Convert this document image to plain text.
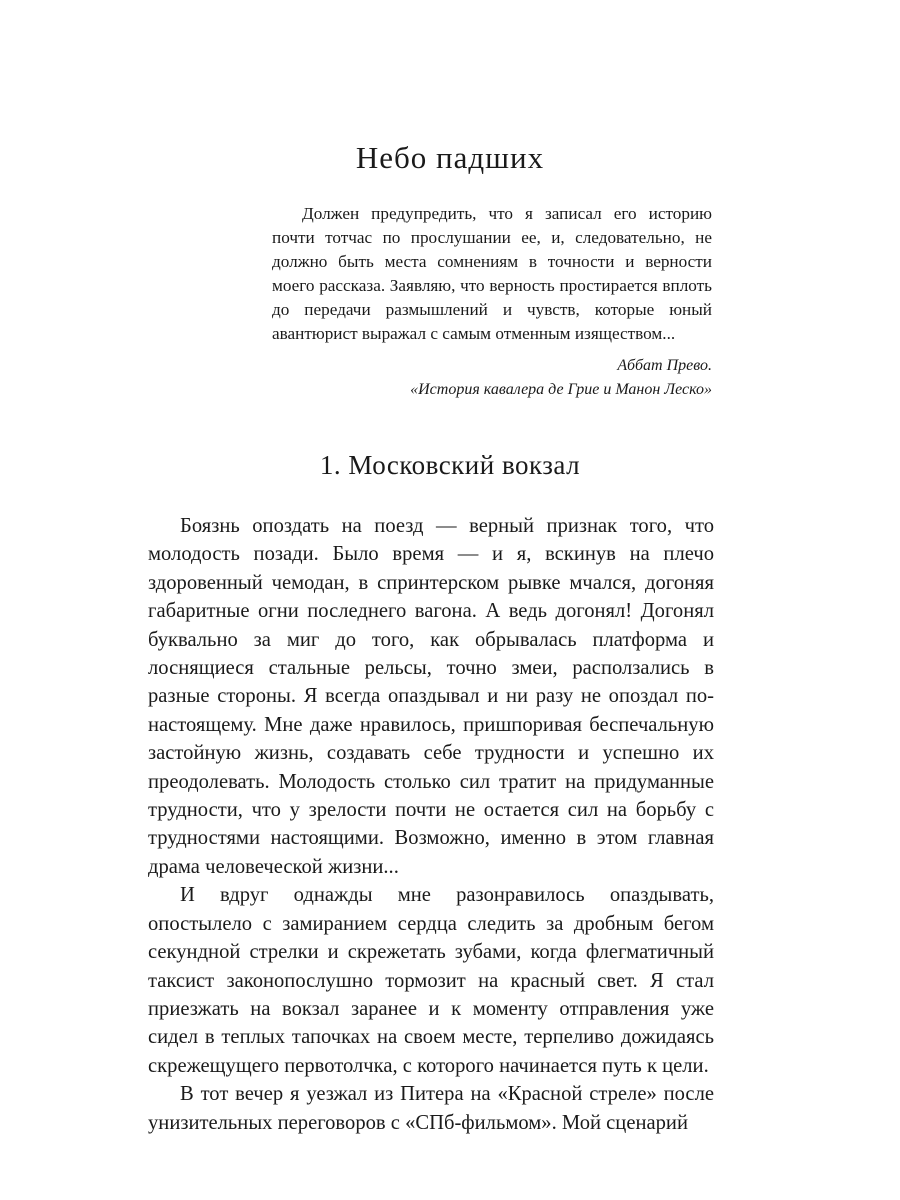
Небо падших

Должен предупредить, что я записал его историю почти тотчас по прослушании ее, и, следовательно, не должно быть места сомнениям в точности и верности моего рассказа. Заявляю, что верность простирается вплоть до передачи размышлений и чувств, которые юный авантюрист выражал с самым отменным изяществом...

Аббат Прево.
«История кавалера де Грие и Манон Леско»

1. Московский вокзал

Боязнь опоздать на поезд — верный признак того, что молодость позади. Было время — и я, вскинув на плечо здоровенный чемодан, в спринтерском рывке мчался, догоняя габаритные огни последнего вагона. А ведь догонял! Догонял буквально за миг до того, как обрывалась платформа и лоснящиеся стальные рельсы, точно змеи, расползались в разные стороны. Я всегда опаздывал и ни разу не опоздал по-настоящему. Мне даже нравилось, пришпоривая беспечальную застойную жизнь, создавать себе трудности и успешно их преодолевать. Молодость столько сил тратит на придуманные трудности, что у зрелости почти не остается сил на борьбу с трудностями настоящими. Возможно, именно в этом главная драма человеческой жизни...

И вдруг однажды мне разонравилось опаздывать, опостылело с замиранием сердца следить за дробным бегом секундной стрелки и скрежетать зубами, когда флегматичный таксист законопослушно тормозит на красный свет. Я стал приезжать на вокзал заранее и к моменту отправления уже сидел в теплых тапочках на своем месте, терпеливо дожидаясь скрежещущего первотолчка, с которого начинается путь к цели.

В тот вечер я уезжал из Питера на «Красной стреле» после унизительных переговоров с «СПб-фильмом». Мой сценарий
